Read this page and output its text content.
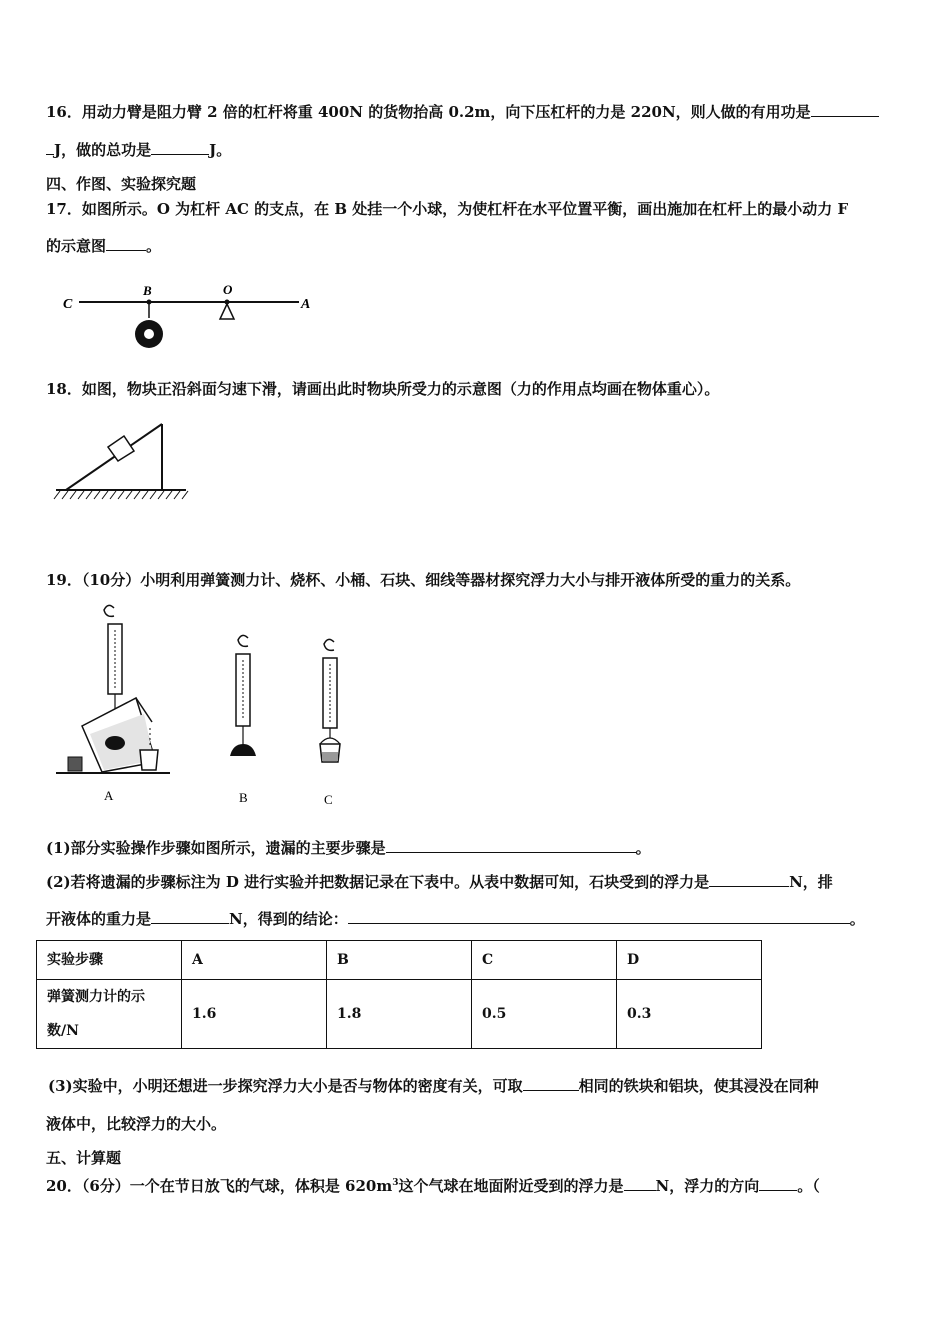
16．用动力臂是阻力臂 2 倍的杠杆将重 400N 的货物抬高 0.2m，向下压杠杆的力是 220N，则人做的有用功是
J，做的总功是	J。
四、作图、实验探究题
17．如图所示。O 为杠杆 AC 的支点，在 B 处挂一个小球，为使杠杆在水平位置平衡，画出施加在杠杆上的最小动力 F
的示意图	。
C
B	O
A
18．如图，物块正沿斜面匀速下滑，请画出此时物块所受力的示意图（力的作用点均画在物体重心）。
19．（10分）小明利用弹簧测力计、烧杯、小桶、石块、细线等器材探究浮力大小与排开液体所受的重力的关系。
A	B	C
(1)部分实验操作步骤如图所示，遗漏的主要步骤是	。
(2)若将遗漏的步骤标注为 D 进行实验并把数据记录在下表中。从表中数据可知，石块受到的浮力是	N，排
开液体的重力是	N，得到的结论：	。
实验步骤	A	B	C	D
弹簧测力计的示数/N	1.6	1.8	0.5	0.3
(3)实验中，小明还想进一步探究浮力大小是否与物体的密度有关，可取	相同的铁块和铝块，使其浸没在同种
液体中，比较浮力的大小。
五、计算题
20．（6分）一个在节日放飞的气球，体积是 $620m^3$这个气球在地面附近受到的浮力是 N，浮力的方向	。（
